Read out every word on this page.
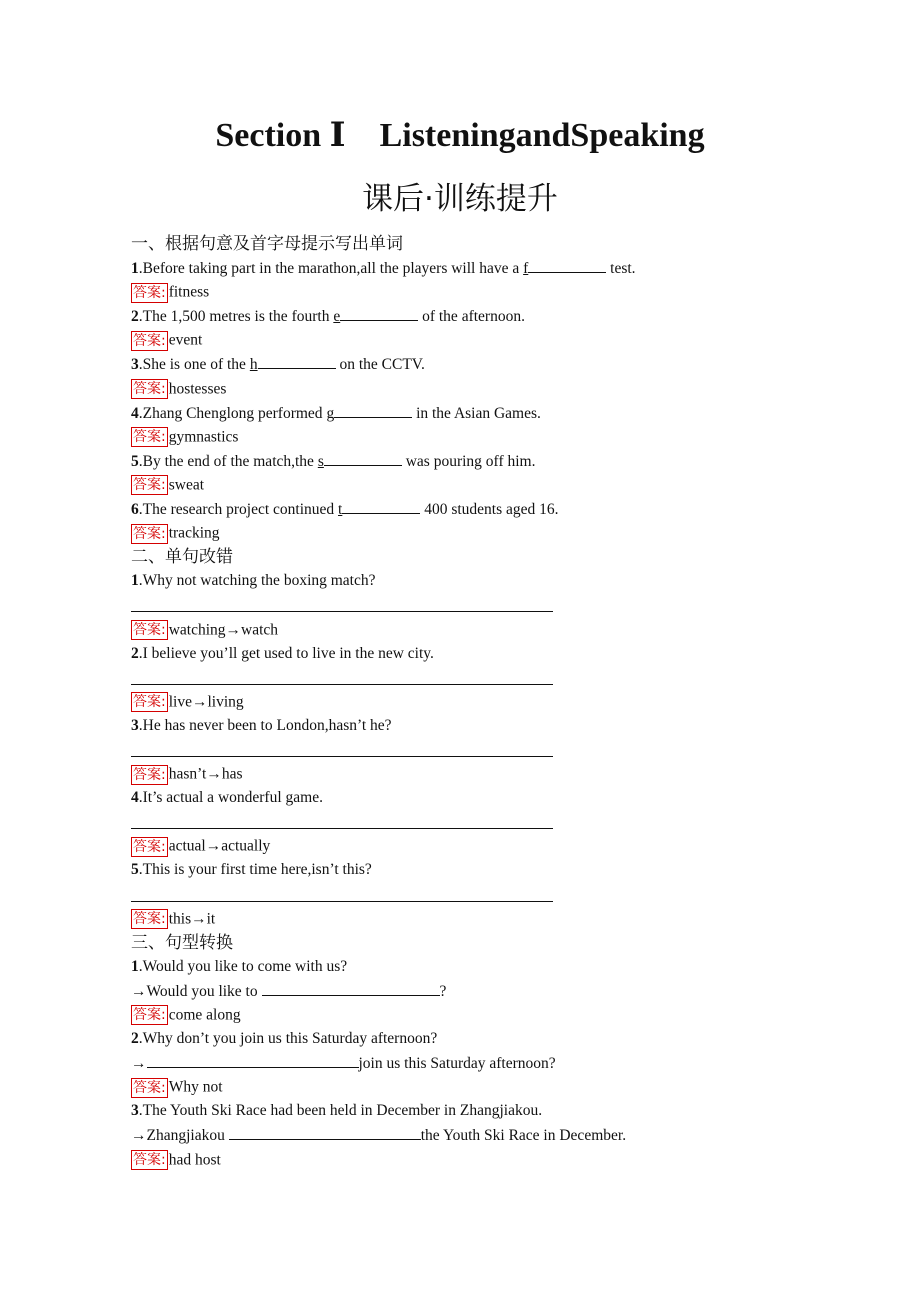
Section Ⅰ    ListeningandSpeaking
课后·训练提升
一、根据句意及首字母提示写出单词
1.Before taking part in the marathon,all the players will have a f	test.
答案: fitness
2.The 1,500 metres is the fourth e	of the afternoon.
答案: event
3.She is one of the h	on the CCTV.
答案: hostesses
4.Zhang Chenglong performed g	in the Asian Games.
答案: gymnastics
5.By the end of the match,the s	was pouring off him.
答案: sweat
6.The research project continued t	400 students aged 16.
答案: tracking
二、单句改错
1.Why not watching the boxing match?
答案: watching→watch
2.I believe you’ll get used to live in the new city.
答案: live→living
3.He has never been to London,hasn’t he?
答案: hasn’t→has
4.It’s actual a wonderful game.
答案: actual→actually
5.This is your first time here,isn’t this?
答案: this→it
三、句型转换
1.Would you like to come with us?
→Would you like to	?
答案: come along
2.Why don’t you join us this Saturday afternoon?
→	join us this Saturday afternoon?
答案: Why not
3.The Youth Ski Race had been held in December in Zhangjiakou.
→Zhangjiakou	the Youth Ski Race in December.
答案: had host
